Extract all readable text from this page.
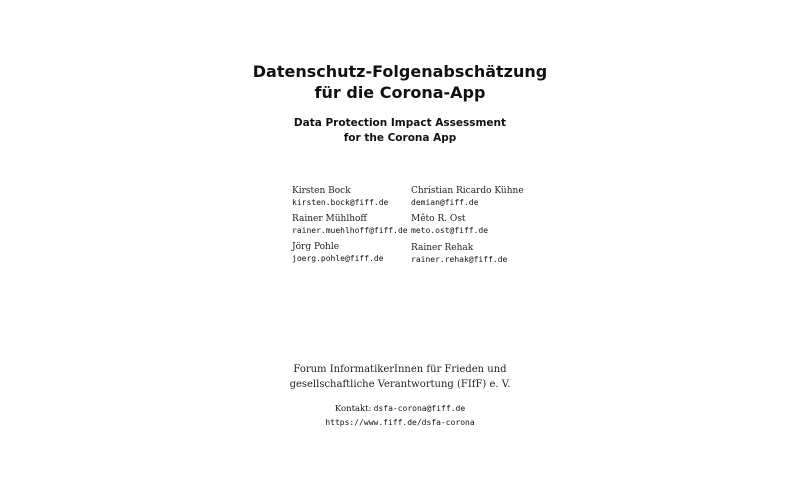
Datenschutz-Folgenabschätzung
für die Corona-App
Data Protection Impact Assessment
for the Corona App
Kirsten Bock
kirsten.bock@fiff.de
Christian Ricardo Kühne
demian@fiff.de
Rainer Mühlhoff
rainer.muehlhoff@fiff.de
Mêto R. Ost
meto.ost@fiff.de
Jörg Pohle
joerg.pohle@fiff.de
Rainer Rehak
rainer.rehak@fiff.de
Forum InformatikerInnen für Frieden und
gesellschaftliche Verantwortung (FIfF) e. V.
Kontakt: dsfa-corona@fiff.de
https://www.fiff.de/dsfa-corona
